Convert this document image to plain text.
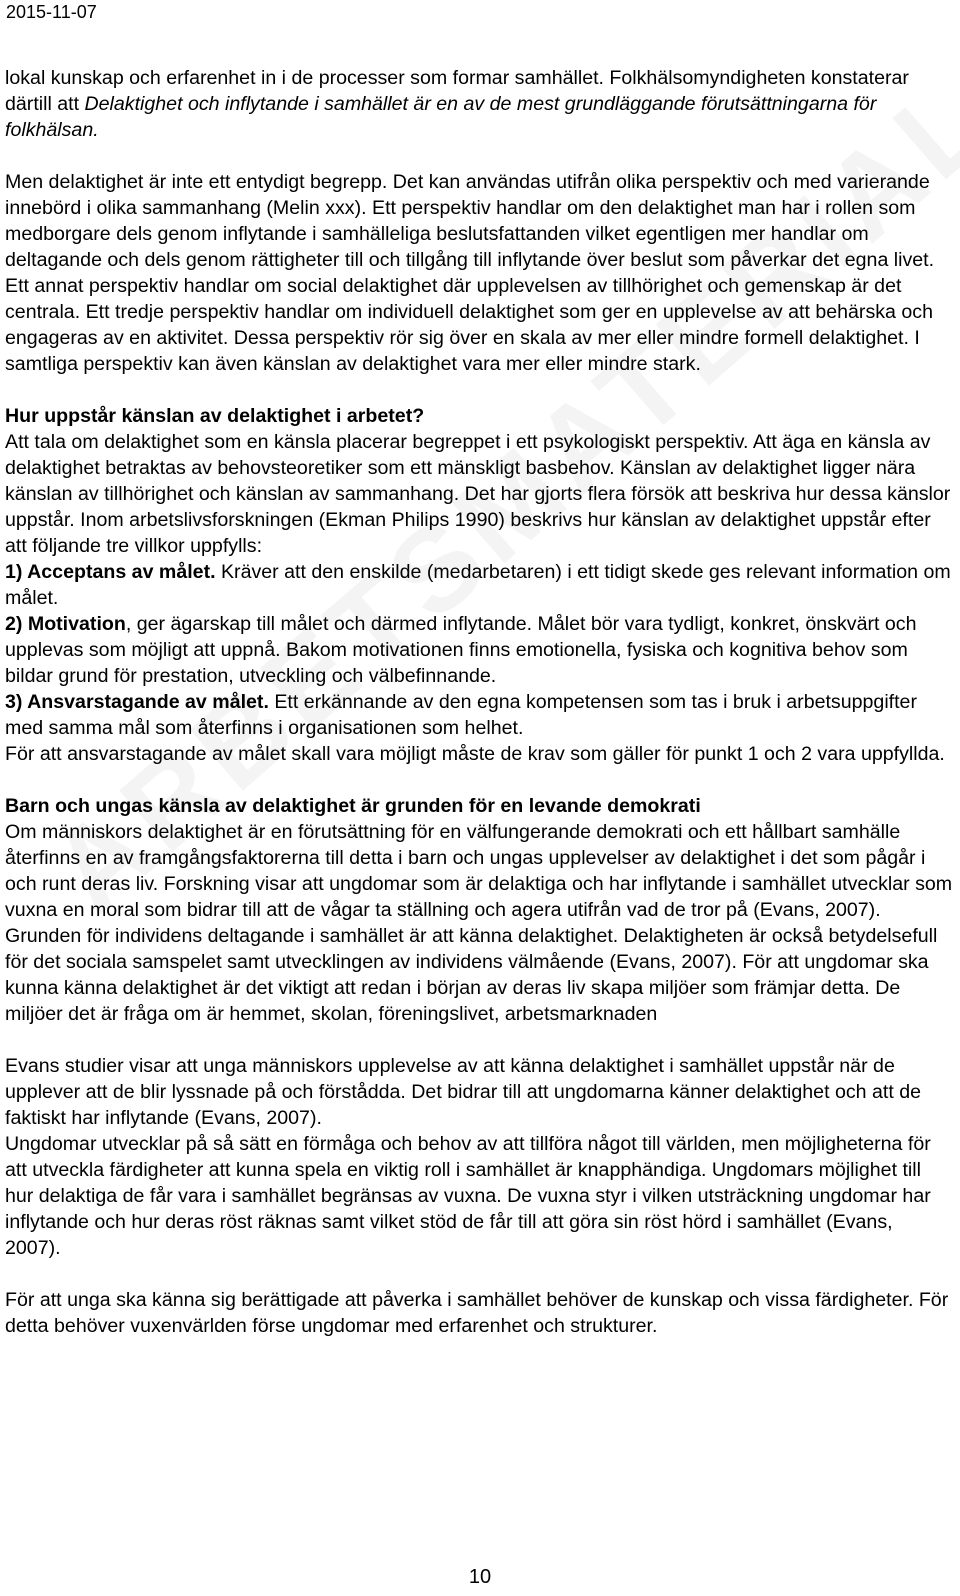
2015-11-07

lokal kunskap och erfarenhet in i de processer som formar samhället. Folkhälsomyndigheten konstaterar därtill att Delaktighet och inflytande i samhället är en av de mest grundläggande förutsättningarna för folkhälsan.

Men delaktighet är inte ett entydigt begrepp. Det kan användas utifrån olika perspektiv och med varierande innebörd i olika sammanhang (Melin xxx). Ett perspektiv handlar om den delaktighet man har i rollen som medborgare dels genom inflytande i samhälleliga beslutsfattanden vilket egentligen mer handlar om deltagande och dels genom rättigheter till och tillgång till inflytande över beslut som påverkar det egna livet. Ett annat perspektiv handlar om social delaktighet där upplevelsen av tillhörighet och gemenskap är det centrala. Ett tredje perspektiv handlar om individuell delaktighet som ger en upplevelse av att behärska och engageras av en aktivitet. Dessa perspektiv rör sig över en skala av mer eller mindre formell delaktighet. I samtliga perspektiv kan även känslan av delaktighet vara mer eller mindre stark.

Hur uppstår känslan av delaktighet i arbetet?

Att tala om delaktighet som en känsla placerar begreppet i ett psykologiskt perspektiv. Att äga en känsla av delaktighet betraktas av behovsteoretiker som ett mänskligt basbehov. Känslan av delaktighet ligger nära känslan av tillhörighet och känslan av sammanhang. Det har gjorts flera försök att beskriva hur dessa känslor uppstår. Inom arbetslivsforskningen (Ekman Philips 1990) beskrivs hur känslan av delaktighet uppstår efter att följande tre villkor uppfylls:

1) Acceptans av målet. Kräver att den enskilde (medarbetaren) i ett tidigt skede ges relevant information om målet.

2) Motivation, ger ägarskap till målet och därmed inflytande. Målet bör vara tydligt, konkret, önskvärt och upplevas som möjligt att uppnå. Bakom motivationen finns emotionella, fysiska och kognitiva behov som bildar grund för prestation, utveckling och välbefinnande.

3) Ansvarstagande av målet. Ett erkännande av den egna kompetensen som tas i bruk i arbetsuppgifter med samma mål som återfinns i organisationen som helhet.

För att ansvarstagande av målet skall vara möjligt måste de krav som gäller för punkt 1 och 2 vara uppfyllda.

Barn och ungas känsla av delaktighet är grunden för en levande demokrati

Om människors delaktighet är en förutsättning för en välfungerande demokrati och ett hållbart samhälle återfinns en av framgångsfaktorerna till detta i barn och ungas upplevelser av delaktighet i det som pågår i och runt deras liv. Forskning visar att ungdomar som är delaktiga och har inflytande i samhället utvecklar som vuxna en moral som bidrar till att de vågar ta ställning och agera utifrån vad de tror på (Evans, 2007). Grunden för individens deltagande i samhället är att känna delaktighet. Delaktigheten är också betydelsefull för det sociala samspelet samt utvecklingen av individens välmående (Evans, 2007). För att ungdomar ska kunna känna delaktighet är det viktigt att redan i början av deras liv skapa miljöer som främjar detta. De miljöer det är fråga om är hemmet, skolan, föreningslivet, arbetsmarknaden

Evans studier visar att unga människors upplevelse av att känna delaktighet i samhället uppstår när de upplever att de blir lyssnade på och förstådda. Det bidrar till att ungdomarna känner delaktighet och att de faktiskt har inflytande (Evans, 2007).

Ungdomar utvecklar på så sätt en förmåga och behov av att tillföra något till världen, men möjligheterna för att utveckla färdigheter att kunna spela en viktig roll i samhället är knapphändiga. Ungdomars möjlighet till hur delaktiga de får vara i samhället begränsas av vuxna. De vuxna styr i vilken utsträckning ungdomar har inflytande och hur deras röst räknas samt vilket stöd de får till att göra sin röst hörd i samhället (Evans, 2007).

För att unga ska känna sig berättigade att påverka i samhället behöver de kunskap och vissa färdigheter. För detta behöver vuxenvärlden förse ungdomar med erfarenhet och strukturer.

10
